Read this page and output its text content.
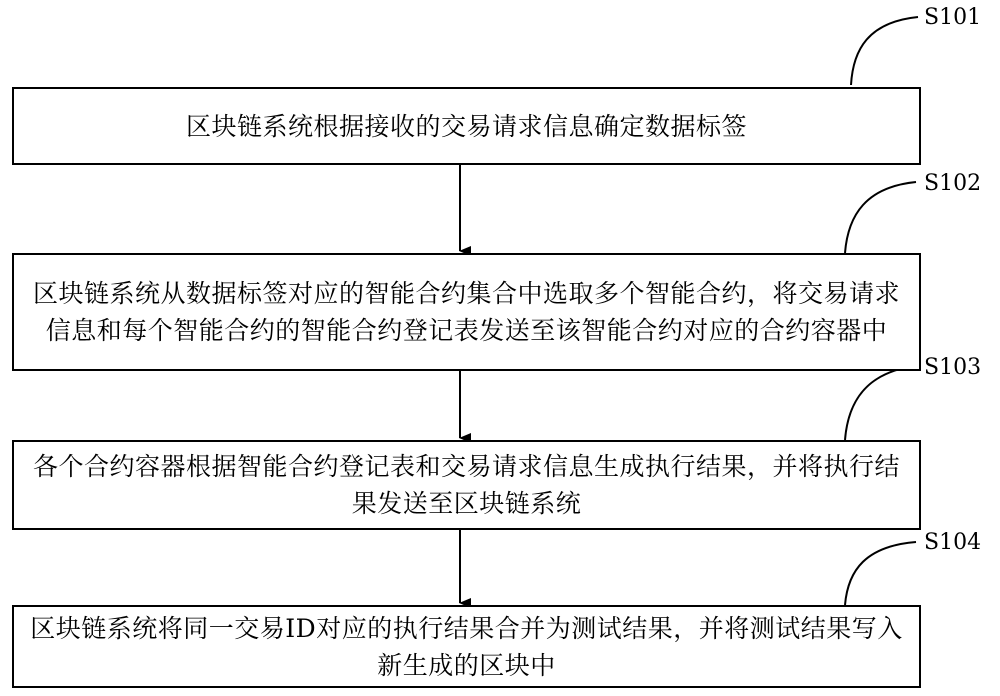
S101
S102
S103
S104
区块链系统根据接收的交易请求信息确定数据标签
区块链系统从数据标签对应的智能合约集合中选取多个智能合约，将交易请求信息和每个智能合约的智能合约登记表发送至该智能合约对应的合约容器中
各个合约容器根据智能合约登记表和交易请求信息生成执行结果，并将执行结果发送至区块链系统
区块链系统将同一交易ID对应的执行结果合并为测试结果，并将测试结果写入新生成的区块中
